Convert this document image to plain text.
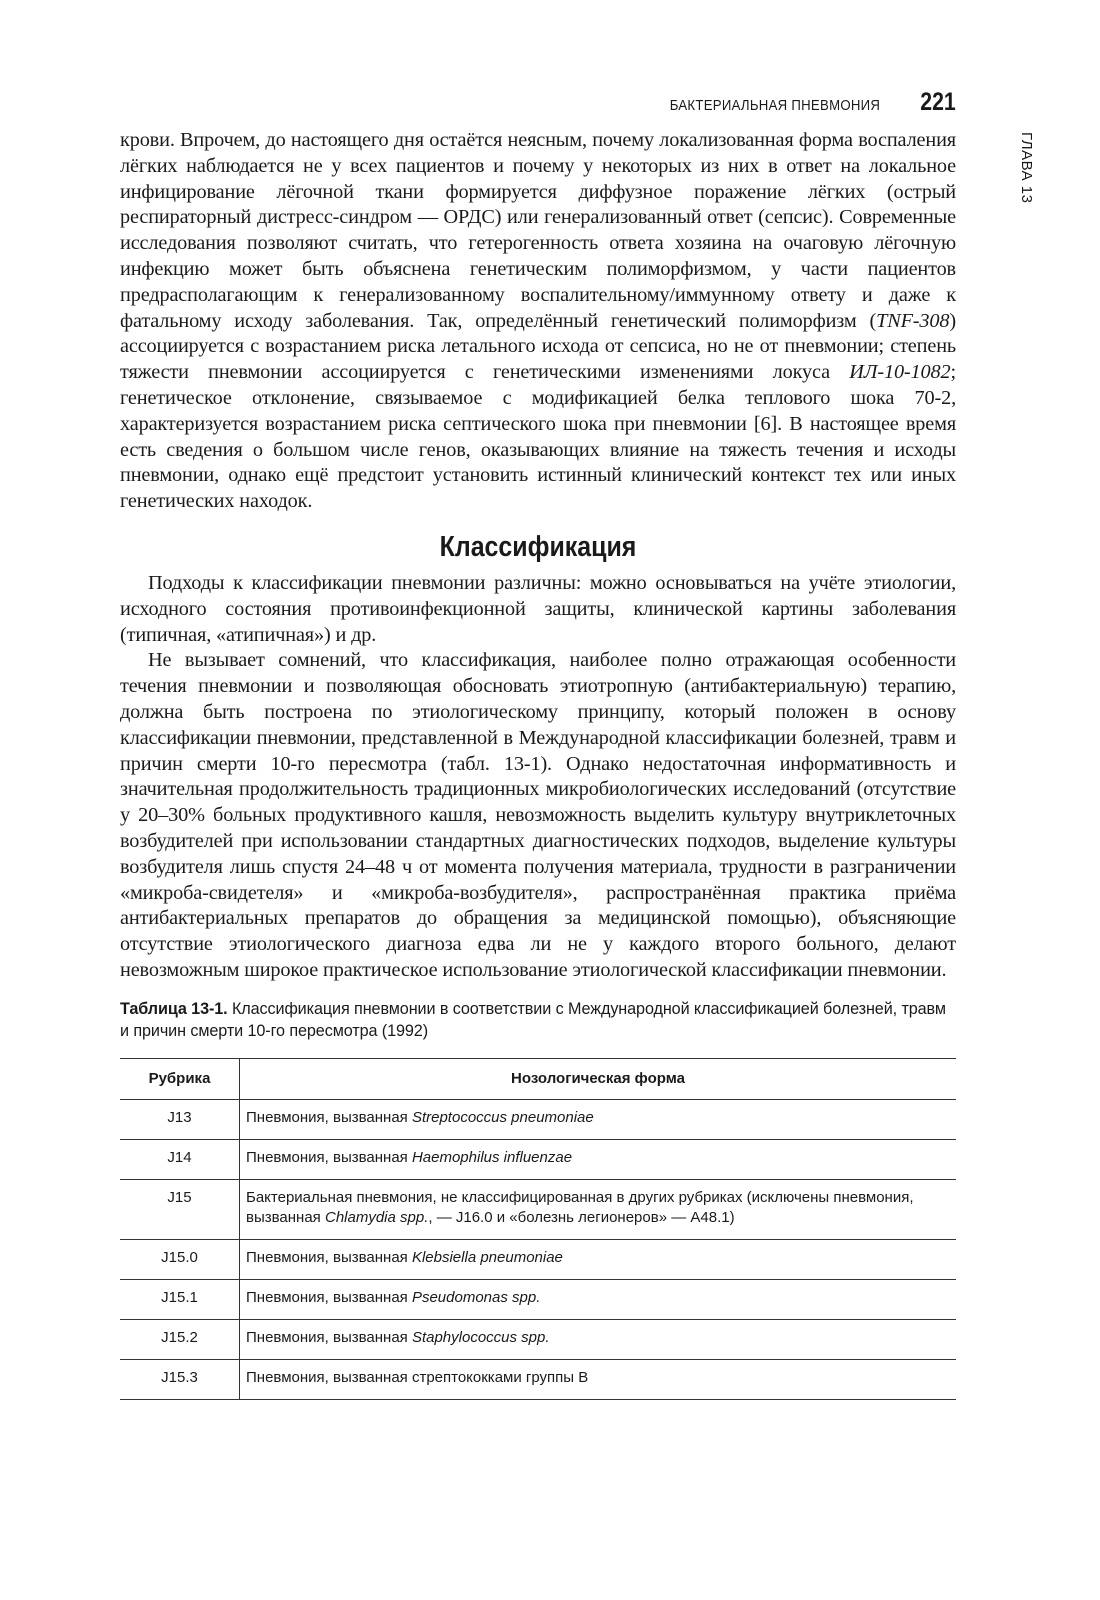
БАКТЕРИАЛЬНАЯ ПНЕВМОНИЯ 221
ГЛАВА 13

крови. Впрочем, до настоящего дня остаётся неясным, почему локализованная форма воспаления лёгких наблюдается не у всех пациентов и почему у некоторых из них в ответ на локальное инфицирование лёгочной ткани формируется диффузное поражение лёгких (острый респираторный дистресс-синдром — ОРДС) или генерализованный ответ (сепсис). Современные исследования позволяют считать, что гетерогенность ответа хозяина на очаговую лёгочную инфекцию может быть объяснена генетическим полиморфизмом, у части пациентов предрасполагающим к генерализованному воспалительному/иммунному ответу и даже к фатальному исходу заболевания. Так, определённый генетический полиморфизм (TNF-308) ассоциируется с возрастанием риска летального исхода от сепсиса, но не от пневмонии; степень тяжести пневмонии ассоциируется с генетическими изменениями локуса ИЛ-10-1082; генетическое отклонение, связываемое с модификацией белка теплового шока 70-2, характеризуется возрастанием риска септического шока при пневмонии [6]. В настоящее время есть сведения о большом числе генов, оказывающих влияние на тяжесть течения и исходы пневмонии, однако ещё предстоит установить истинный клинический контекст тех или иных генетических находок.

Классификация

Подходы к классификации пневмонии различны: можно основываться на учёте этиологии, исходного состояния противоинфекционной защиты, клинической картины заболевания (типичная, «атипичная») и др.

Не вызывает сомнений, что классификация, наиболее полно отражающая особенности течения пневмонии и позволяющая обосновать этиотропную (антибактериальную) терапию, должна быть построена по этиологическому принципу, который положен в основу классификации пневмонии, представленной в Международной классификации болезней, травм и причин смерти 10-го пересмотра (табл. 13-1). Однако недостаточная информативность и значительная продолжительность традиционных микробиологических исследований (отсутствие у 20–30% больных продуктивного кашля, невозможность выделить культуру внутриклеточных возбудителей при использовании стандартных диагностических подходов, выделение культуры возбудителя лишь спустя 24–48 ч от момента получения материала, трудности в разграничении «микроба-свидетеля» и «микроба-возбудителя», распространённая практика приёма антибактериальных препаратов до обращения за медицинской помощью), объясняющие отсутствие этиологического диагноза едва ли не у каждого второго больного, делают невозможным широкое практическое использование этиологической классификации пневмонии.

Таблица 13-1. Классификация пневмонии в соответствии с Международной классификацией болезней, травм и причин смерти 10-го пересмотра (1992)

Рубрика	Нозологическая форма
J13	Пневмония, вызванная Streptococcus pneumoniae
J14	Пневмония, вызванная Haemophilus influenzae
J15	Бактериальная пневмония, не классифицированная в других рубриках (исключены пневмония, вызванная Chlamydia spp., — J16.0 и «болезнь легионеров» — A48.1)
J15.0	Пневмония, вызванная Klebsiella pneumoniae
J15.1	Пневмония, вызванная Pseudomonas spp.
J15.2	Пневмония, вызванная Staphylococcus spp.
J15.3	Пневмония, вызванная стрептококками группы B
